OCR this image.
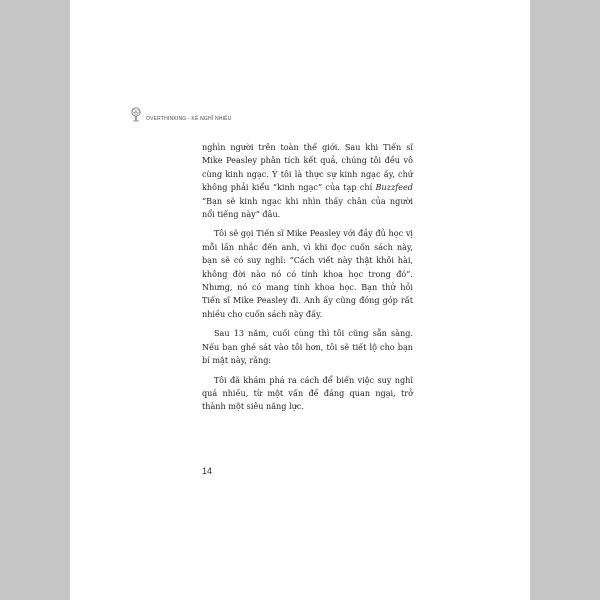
OVERTHINKING - KẺ NGHĨ NHIỀU

nghìn người trên toàn thế giới. Sau khi Tiến sĩ Mike Peasley phân tích kết quả, chúng tôi đều vô cùng kinh ngạc. Ý tôi là thực sự kinh ngạc ấy, chứ không phải kiểu “kinh ngạc” của tạp chí Buzzfeed “Bạn sẽ kinh ngạc khi nhìn thấy chân của người nổi tiếng này” đâu.

Tôi sẽ gọi Tiến sĩ Mike Peasley với đầy đủ học vị mỗi lần nhắc đến anh, vì khi đọc cuốn sách này, bạn sẽ có suy nghĩ: “Cách viết này thật khôi hài, không đời nào nó có tính khoa học trong đó”. Nhưng, nó có mang tính khoa học. Bạn thử hỏi Tiến sĩ Mike Peasley đi. Anh ấy cũng đóng góp rất nhiều cho cuốn sách này đấy.

Sau 13 năm, cuối cùng thì tôi cũng sẵn sàng. Nếu bạn ghé sát vào tôi hơn, tôi sẽ tiết lộ cho bạn bí mật này, rằng:

Tôi đã khám phá ra cách để biến việc suy nghĩ quá nhiều, từ một vấn đề đáng quan ngại, trở thành một siêu năng lực.

14
